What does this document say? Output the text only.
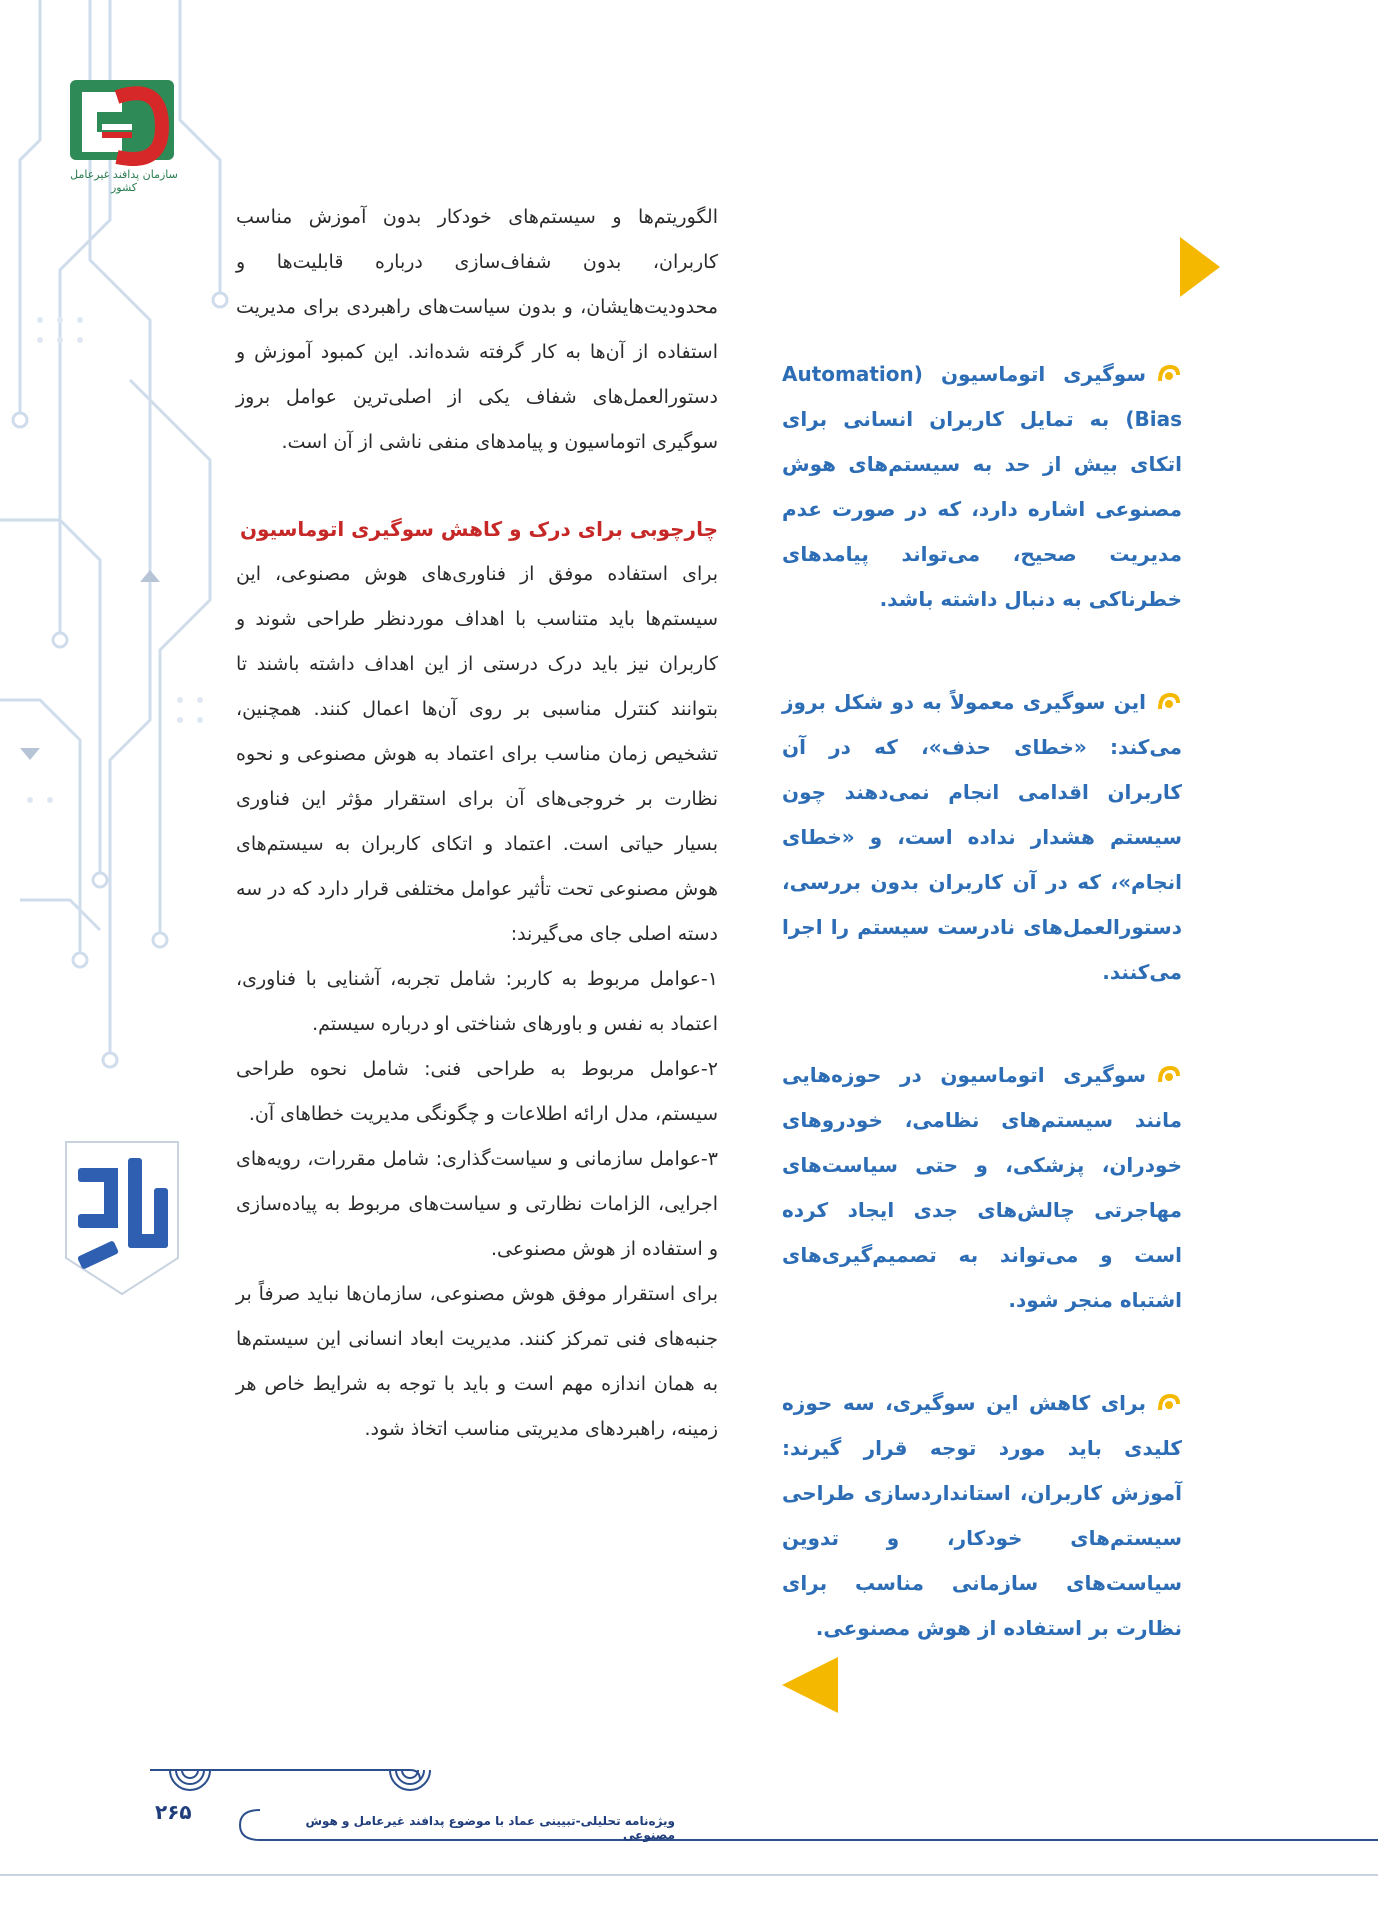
سازمان پدافند غیرعامل کشور

الگوریتم‌ها و سیستم‌های خودکار بدون آموزش مناسب کاربران، بدون شفاف‌سازی درباره قابلیت‌ها و محدودیت‌هایشان، و بدون سیاست‌های راهبردی برای مدیریت استفاده از آن‌ها به کار گرفته شده‌اند. این کمبود آموزش و دستورالعمل‌های شفاف یکی از اصلی‌ترین عوامل بروز سوگیری اتوماسیون و پیامدهای منفی ناشی از آن است.

چارچوبی برای درک و کاهش سوگیری اتوماسیون

برای استفاده موفق از فناوری‌های هوش مصنوعی، این سیستم‌ها باید متناسب با اهداف موردنظر طراحی شوند و کاربران نیز باید درک درستی از این اهداف داشته باشند تا بتوانند کنترل مناسبی بر روی آن‌ها اعمال کنند. همچنین، تشخیص زمان مناسب برای اعتماد به هوش مصنوعی و نحوه نظارت بر خروجی‌های آن برای استقرار مؤثر این فناوری بسیار حیاتی است. اعتماد و اتکای کاربران به سیستم‌های هوش مصنوعی تحت تأثیر عوامل مختلفی قرار دارد که در سه دسته اصلی جای می‌گیرند:

۱-عوامل مربوط به کاربر: شامل تجربه، آشنایی با فناوری، اعتماد به نفس و باورهای شناختی او درباره سیستم.

۲-عوامل مربوط به طراحی فنی: شامل نحوه طراحی سیستم، مدل ارائه اطلاعات و چگونگی مدیریت خطاهای آن.

۳-عوامل سازمانی و سیاست‌گذاری: شامل مقررات، رویه‌های اجرایی، الزامات نظارتی و سیاست‌های مربوط به پیاده‌سازی و استفاده از هوش مصنوعی.

برای استقرار موفق هوش مصنوعی، سازمان‌ها نباید صرفاً بر جنبه‌های فنی تمرکز کنند. مدیریت ابعاد انسانی این سیستم‌ها به همان اندازه مهم است و باید با توجه به شرایط خاص هر زمینه، راهبردهای مدیریتی مناسب اتخاذ شود.

سوگیری اتوماسیون (Automation Bias) به تمایل کاربران انسانی برای اتکای بیش از حد به سیستم‌های هوش مصنوعی اشاره دارد، که در صورت عدم مدیریت صحیح، می‌تواند پیامدهای خطرناکی به دنبال داشته باشد.

این سوگیری معمولاً به دو شکل بروز می‌کند: «خطای حذف»، که در آن کاربران اقدامی انجام نمی‌دهند چون سیستم هشدار نداده است، و «خطای انجام»، که در آن کاربران بدون بررسی، دستورالعمل‌های نادرست سیستم را اجرا می‌کنند.

سوگیری اتوماسیون در حوزه‌هایی مانند سیستم‌های نظامی، خودروهای خودران، پزشکی، و حتی سیاست‌های مهاجرتی چالش‌های جدی ایجاد کرده است و می‌تواند به تصمیم‌گیری‌های اشتباه منجر شود.

برای کاهش این سوگیری، سه حوزه کلیدی باید مورد توجه قرار گیرند: آموزش کاربران، استانداردسازی طراحی سیستم‌های خودکار، و تدوین سیاست‌های سازمانی مناسب برای نظارت بر استفاده از هوش مصنوعی.

۲۶۵	ویژه‌نامه تحلیلی-تبیینی عماد با موضوع پدافند غیرعامل و هوش مصنوعی
